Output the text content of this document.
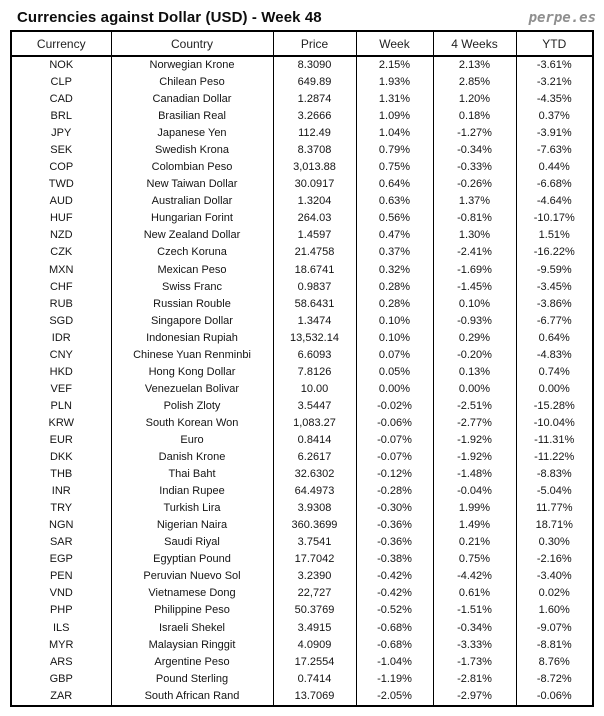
Currencies against Dollar (USD) - Week 48	perpe.es
Currency	Country	Price	Week	4 Weeks	YTD
NOK	Norwegian Krone	8.3090	2.15%	2.13%	-3.61%
CLP	Chilean Peso	649.89	1.93%	2.85%	-3.21%
CAD	Canadian Dollar	1.2874	1.31%	1.20%	-4.35%
BRL	Brasilian Real	3.2666	1.09%	0.18%	0.37%
JPY	Japanese Yen	112.49	1.04%	-1.27%	-3.91%
SEK	Swedish Krona	8.3708	0.79%	-0.34%	-7.63%
COP	Colombian Peso	3,013.88	0.75%	-0.33%	0.44%
TWD	New Taiwan Dollar	30.0917	0.64%	-0.26%	-6.68%
AUD	Australian Dollar	1.3204	0.63%	1.37%	-4.64%
HUF	Hungarian Forint	264.03	0.56%	-0.81%	-10.17%
NZD	New Zealand Dollar	1.4597	0.47%	1.30%	1.51%
CZK	Czech Koruna	21.4758	0.37%	-2.41%	-16.22%
MXN	Mexican Peso	18.6741	0.32%	-1.69%	-9.59%
CHF	Swiss Franc	0.9837	0.28%	-1.45%	-3.45%
RUB	Russian Rouble	58.6431	0.28%	0.10%	-3.86%
SGD	Singapore Dollar	1.3474	0.10%	-0.93%	-6.77%
IDR	Indonesian Rupiah	13,532.14	0.10%	0.29%	0.64%
CNY	Chinese Yuan Renminbi	6.6093	0.07%	-0.20%	-4.83%
HKD	Hong Kong Dollar	7.8126	0.05%	0.13%	0.74%
VEF	Venezuelan Bolivar	10.00	0.00%	0.00%	0.00%
PLN	Polish Zloty	3.5447	-0.02%	-2.51%	-15.28%
KRW	South Korean Won	1,083.27	-0.06%	-2.77%	-10.04%
EUR	Euro	0.8414	-0.07%	-1.92%	-11.31%
DKK	Danish Krone	6.2617	-0.07%	-1.92%	-11.22%
THB	Thai Baht	32.6302	-0.12%	-1.48%	-8.83%
INR	Indian Rupee	64.4973	-0.28%	-0.04%	-5.04%
TRY	Turkish Lira	3.9308	-0.30%	1.99%	11.77%
NGN	Nigerian Naira	360.3699	-0.36%	1.49%	18.71%
SAR	Saudi Riyal	3.7541	-0.36%	0.21%	0.30%
EGP	Egyptian Pound	17.7042	-0.38%	0.75%	-2.16%
PEN	Peruvian Nuevo Sol	3.2390	-0.42%	-4.42%	-3.40%
VND	Vietnamese Dong	22,727	-0.42%	0.61%	0.02%
PHP	Philippine Peso	50.3769	-0.52%	-1.51%	1.60%
ILS	Israeli Shekel	3.4915	-0.68%	-0.34%	-9.07%
MYR	Malaysian Ringgit	4.0909	-0.68%	-3.33%	-8.81%
ARS	Argentine Peso	17.2554	-1.04%	-1.73%	8.76%
GBP	Pound Sterling	0.7414	-1.19%	-2.81%	-8.72%
ZAR	South African Rand	13.7069	-2.05%	-2.97%	-0.06%
